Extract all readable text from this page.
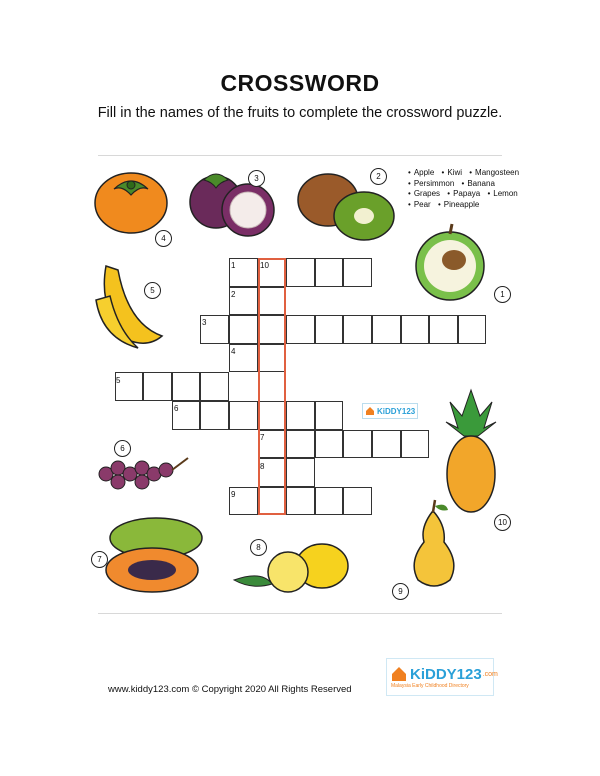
CROSSWORD
Fill in the names of the fruits to complete the crossword puzzle.
• Apple • Kiwi • Mangosteen
• Persimmon • Banana
• Grapes • Papaya • Lemon
• Pear • Pineapple
1	10
2
3
4
5
6
7
8
9
KiDDY123
4
3	2
1
5
6
7
8
9
10
www.kiddy123.com © Copyright 2020 All Rights Reserved
KiDDY123 .com
Malaysia Early Childhood Directory
